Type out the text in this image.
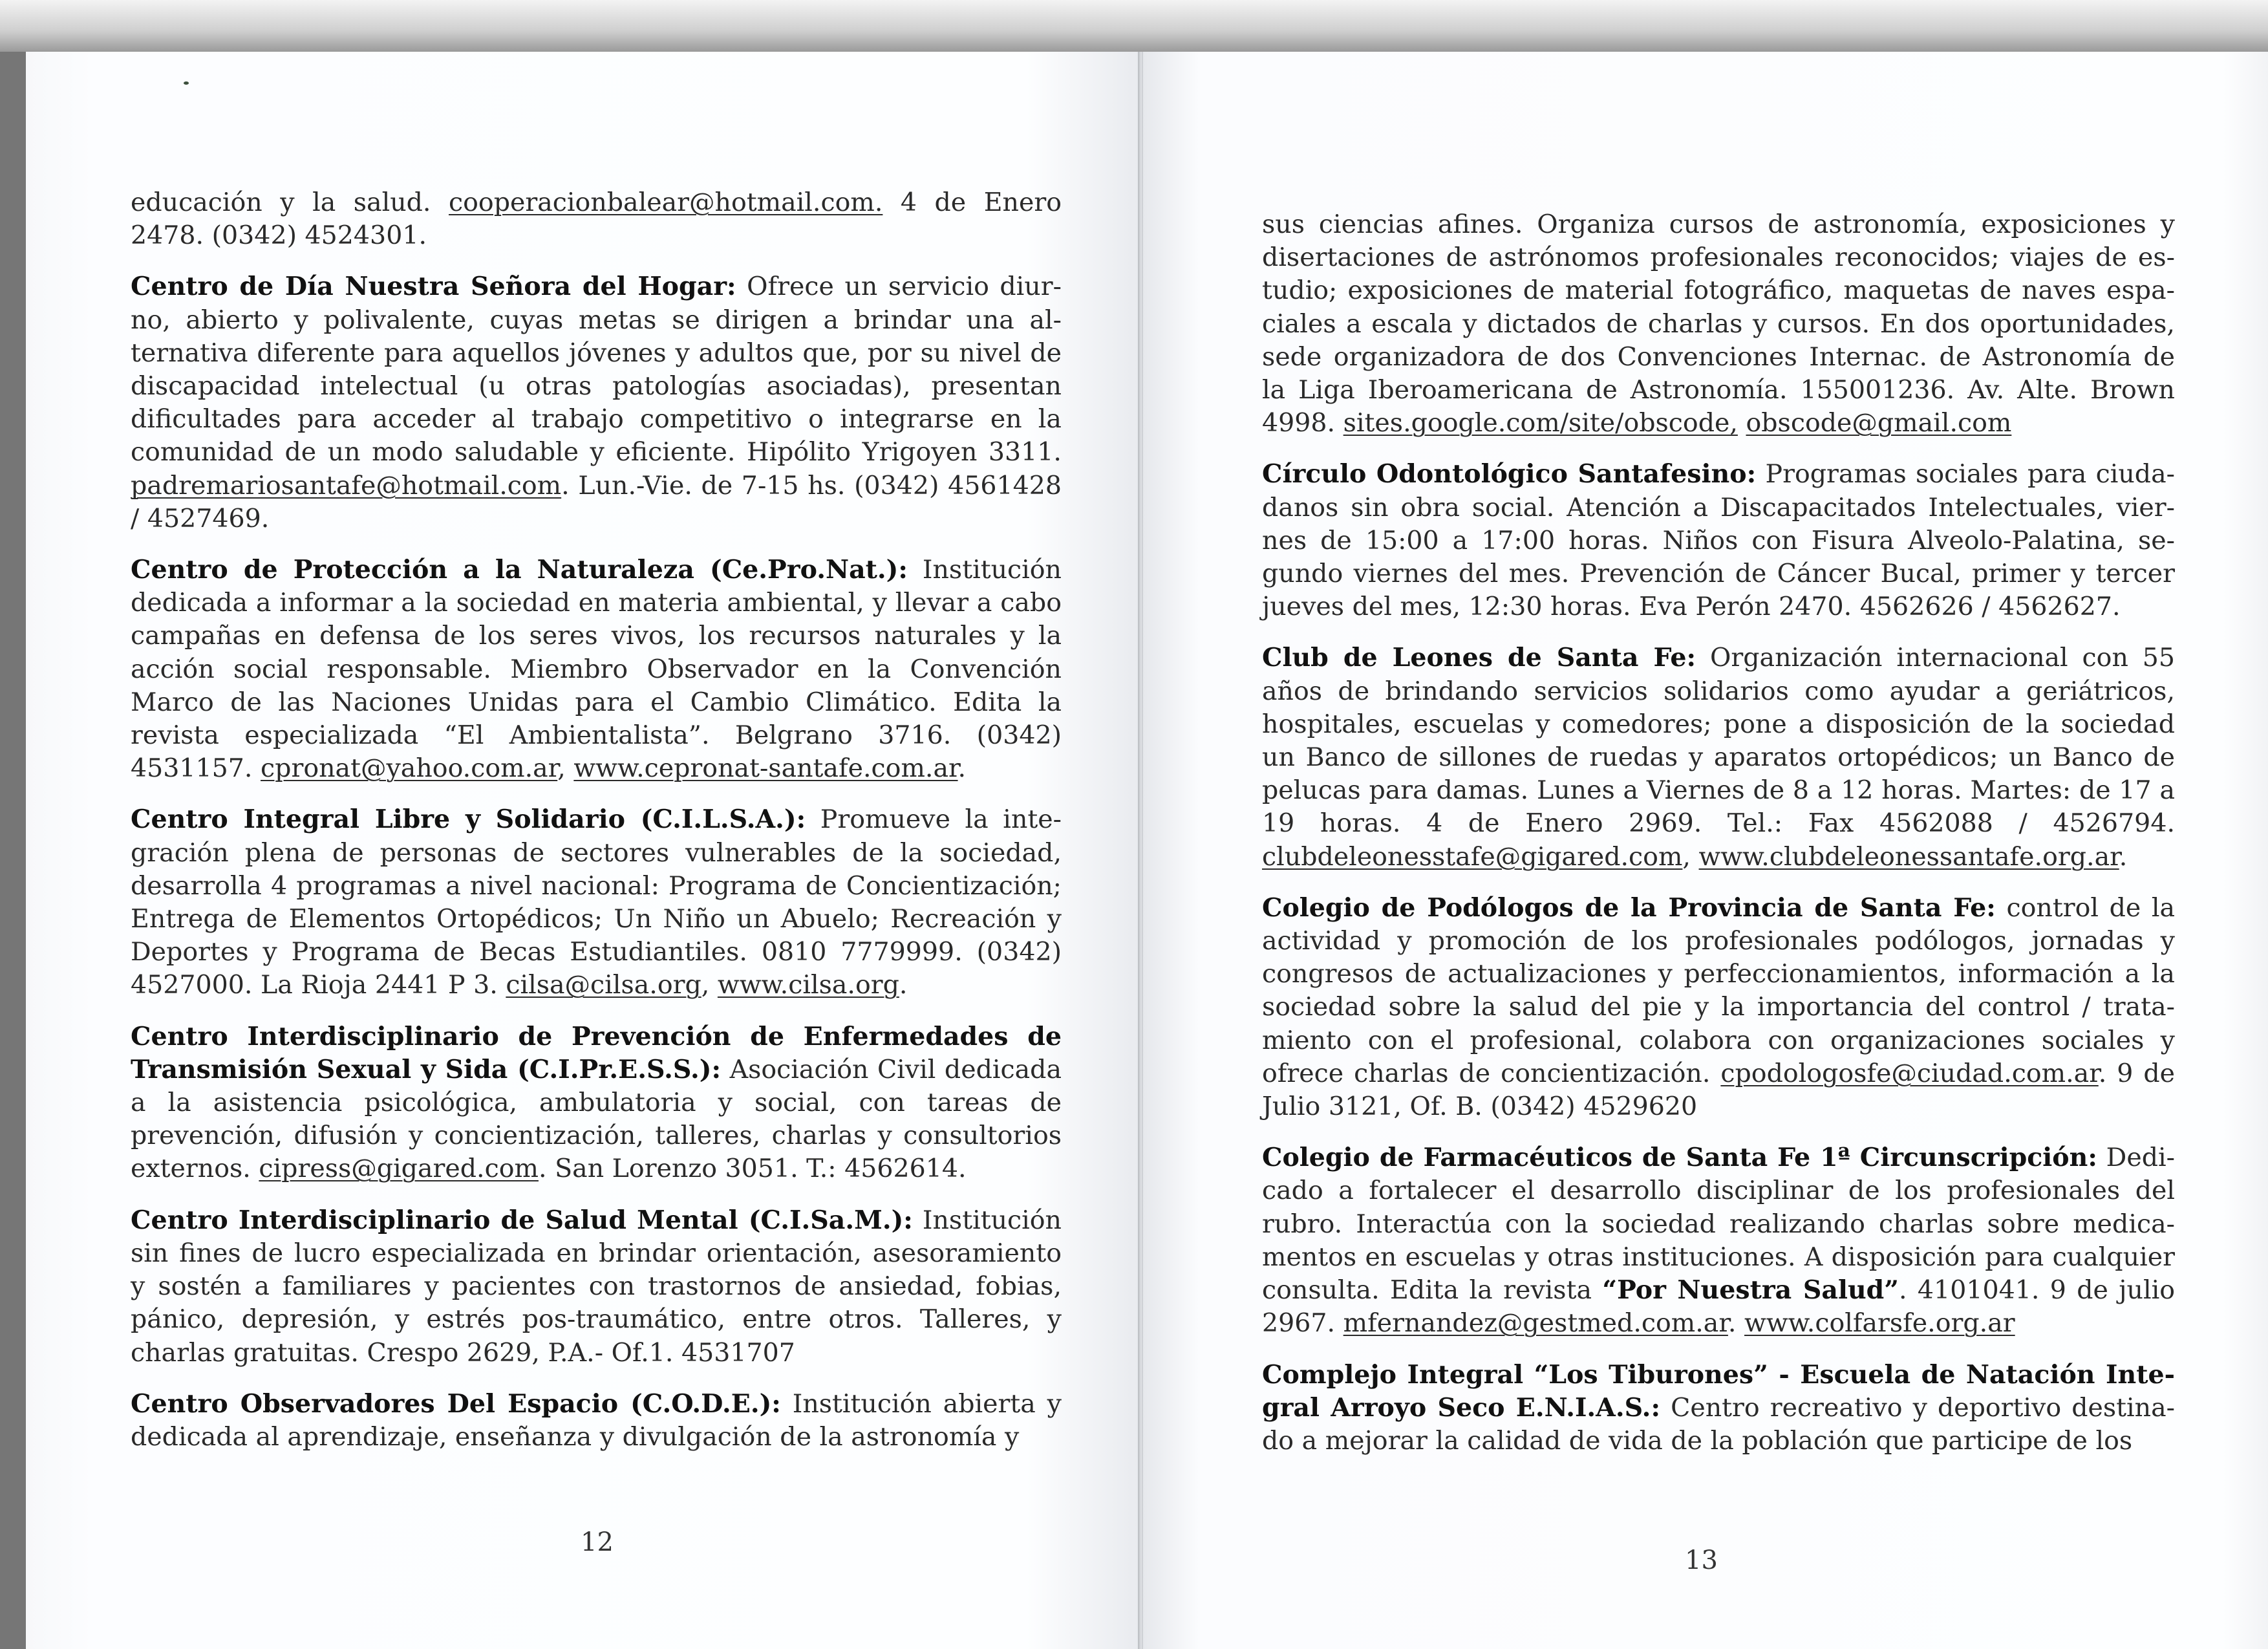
educación y la salud. cooperacionbalear@hotmail.com. 4 de Enero 2478. (0342) 4524301.

Centro de Día Nuestra Señora del Hogar: Ofrece un servicio diurno, abierto y polivalente, cuyas metas se dirigen a brindar una alternativa diferente para aquellos jóvenes y adultos que, por su nivel de discapacidad intelectual (u otras patologías asociadas), presentan dificultades para acceder al trabajo competitivo o integrarse en la comunidad de un modo saludable y eficiente. Hipólito Yrigoyen 3311. padremariosantafe@hotmail.com. Lun.-Vie. de 7-15 hs. (0342) 4561428 / 4527469.

Centro de Protección a la Naturaleza (Ce.Pro.Nat.): Institución dedicada a informar a la sociedad en materia ambiental, y llevar a cabo campañas en defensa de los seres vivos, los recursos naturales y la acción social responsable. Miembro Observador en la Convención Marco de las Naciones Unidas para el Cambio Climático. Edita la revista especializada “El Ambientalista”. Belgrano 3716. (0342) 4531157. cpronat@yahoo.com.ar, www.cepronat-santafe.com.ar.

Centro Integral Libre y Solidario (C.I.L.S.A.): Promueve la integración plena de personas de sectores vulnerables de la sociedad, desarrolla 4 programas a nivel nacional: Programa de Concientización; Entrega de Elementos Ortopédicos; Un Niño un Abuelo; Recreación y Deportes y Programa de Becas Estudiantiles. 0810 7779999. (0342) 4527000. La Rioja 2441 P 3. cilsa@cilsa.org, www.cilsa.org.

Centro Interdisciplinario de Prevención de Enfermedades de Transmisión Sexual y Sida (C.I.Pr.E.S.S.): Asociación Civil dedicada a la asistencia psicológica, ambulatoria y social, con tareas de prevención, difusión y concientización, talleres, charlas y consultorios externos. cipress@gigared.com. San Lorenzo 3051. T.: 4562614.

Centro Interdisciplinario de Salud Mental (C.I.Sa.M.): Institución sin fines de lucro especializada en brindar orientación, asesoramiento y sostén a familiares y pacientes con trastornos de ansiedad, fobias, pánico, depresión, y estrés pos-traumático, entre otros. Talleres, y charlas gratuitas. Crespo 2629, P.A.- Of.1. 4531707

Centro Observadores Del Espacio (C.O.D.E.): Institución abierta y dedicada al aprendizaje, enseñanza y divulgación de la astronomía y

12

sus ciencias afines. Organiza cursos de astronomía, exposiciones y disertaciones de astrónomos profesionales reconocidos; viajes de estudio; exposiciones de material fotográfico, maquetas de naves espaciales a escala y dictados de charlas y cursos. En dos oportunidades, sede organizadora de dos Convenciones Internac. de Astronomía de la Liga Iberoamericana de Astronomía. 155001236. Av. Alte. Brown 4998. sites.google.com/site/obscode, obscode@gmail.com

Círculo Odontológico Santafesino: Programas sociales para ciudadanos sin obra social. Atención a Discapacitados Intelectuales, viernes de 15:00 a 17:00 horas. Niños con Fisura Alveolo-Palatina, segundo viernes del mes. Prevención de Cáncer Bucal, primer y tercer jueves del mes, 12:30 horas. Eva Perón 2470. 4562626 / 4562627.

Club de Leones de Santa Fe: Organización internacional con 55 años de brindando servicios solidarios como ayudar a geriátricos, hospitales, escuelas y comedores; pone a disposición de la sociedad un Banco de sillones de ruedas y aparatos ortopédicos; un Banco de pelucas para damas. Lunes a Viernes de 8 a 12 horas. Martes: de 17 a 19 horas. 4 de Enero 2969. Tel.: Fax 4562088 / 4526794. clubdeleonesstafe@gigared.com, www.clubdeleonessantafe.org.ar.

Colegio de Podólogos de la Provincia de Santa Fe: control de la actividad y promoción de los profesionales podólogos, jornadas y congresos de actualizaciones y perfeccionamientos, información a la sociedad sobre la salud del pie y la importancia del control / tratamiento con el profesional, colabora con organizaciones sociales y ofrece charlas de concientización. cpodologosfe@ciudad.com.ar. 9 de Julio 3121, Of. B. (0342) 4529620

Colegio de Farmacéuticos de Santa Fe 1ª Circunscripción: Dedicado a fortalecer el desarrollo disciplinar de los profesionales del rubro. Interactúa con la sociedad realizando charlas sobre medicamentos en escuelas y otras instituciones. A disposición para cualquier consulta. Edita la revista “Por Nuestra Salud”. 4101041. 9 de julio 2967. mfernandez@gestmed.com.ar. www.colfarsfe.org.ar

Complejo Integral “Los Tiburones” - Escuela de Natación Integral Arroyo Seco E.N.I.A.S.: Centro recreativo y deportivo destinado a mejorar la calidad de vida de la población que participe de los

13
